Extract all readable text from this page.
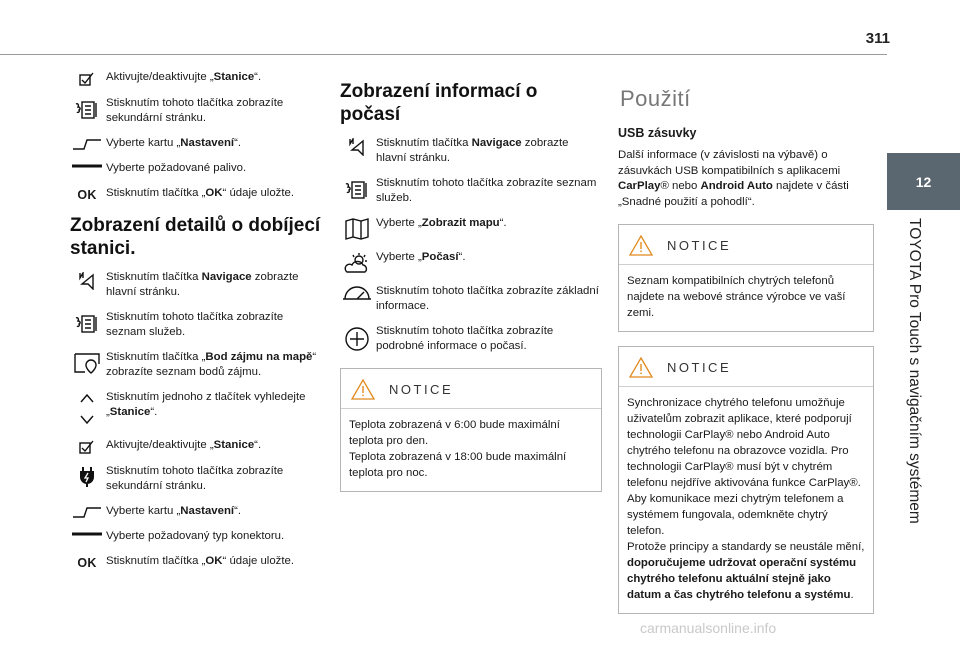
311
12
TOYOTA Pro Touch s navigačním systémem
Aktivujte/deaktivujte „Stanice“.
Stisknutím tohoto tlačítka zobrazíte sekundární stránku.
Vyberte kartu „Nastavení“.
Vyberte požadované palivo.
OK Stisknutím tlačítka „OK“ údaje uložte.
Zobrazení detailů o dobíjecí stanici.
Stisknutím tlačítka Navigace zobrazte hlavní stránku.
Stisknutím tohoto tlačítka zobrazíte seznam služeb.
Stisknutím tlačítka „Bod zájmu na mapě“ zobrazíte seznam bodů zájmu.
Stisknutím jednoho z tlačítek vyhledejte „Stanice“.
Aktivujte/deaktivujte „Stanice“.
Stisknutím tohoto tlačítka zobrazíte sekundární stránku.
Vyberte kartu „Nastavení“.
Vyberte požadovaný typ konektoru.
OK Stisknutím tlačítka „OK“ údaje uložte.
Zobrazení informací o počasí
Stisknutím tlačítka Navigace zobrazte hlavní stránku.
Stisknutím tohoto tlačítka zobrazíte seznam služeb.
Vyberte „Zobrazit mapu“.
Vyberte „Počasí“.
Stisknutím tohoto tlačítka zobrazíte základní informace.
Stisknutím tohoto tlačítka zobrazíte podrobné informace o počasí.
NOTICE
Teplota zobrazená v 6:00 bude maximální teplota pro den.
Teplota zobrazená v 18:00 bude maximální teplota pro noc.
Použití
USB zásuvky
Další informace (v závislosti na výbavě) o zásuvkách USB kompatibilních s aplikacemi CarPlay® nebo Android Auto najdete v části „Snadné použití a pohodlí“.
NOTICE
Seznam kompatibilních chytrých telefonů najdete na webové stránce výrobce ve vaší zemi.
NOTICE
Synchronizace chytrého telefonu umožňuje uživatelům zobrazit aplikace, které podporují technologii CarPlay® nebo Android Auto chytrého telefonu na obrazovce vozidla. Pro technologii CarPlay® musí být v chytrém telefonu nejdříve aktivována funkce CarPlay®.
Aby komunikace mezi chytrým telefonem a systémem fungovala, odemkněte chytrý telefon.
Protože principy a standardy se neustále mění, doporučujeme udržovat operační systému chytrého telefonu aktuální stejně jako datum a čas chytrého telefonu a systému.
carmanualsonline.info
